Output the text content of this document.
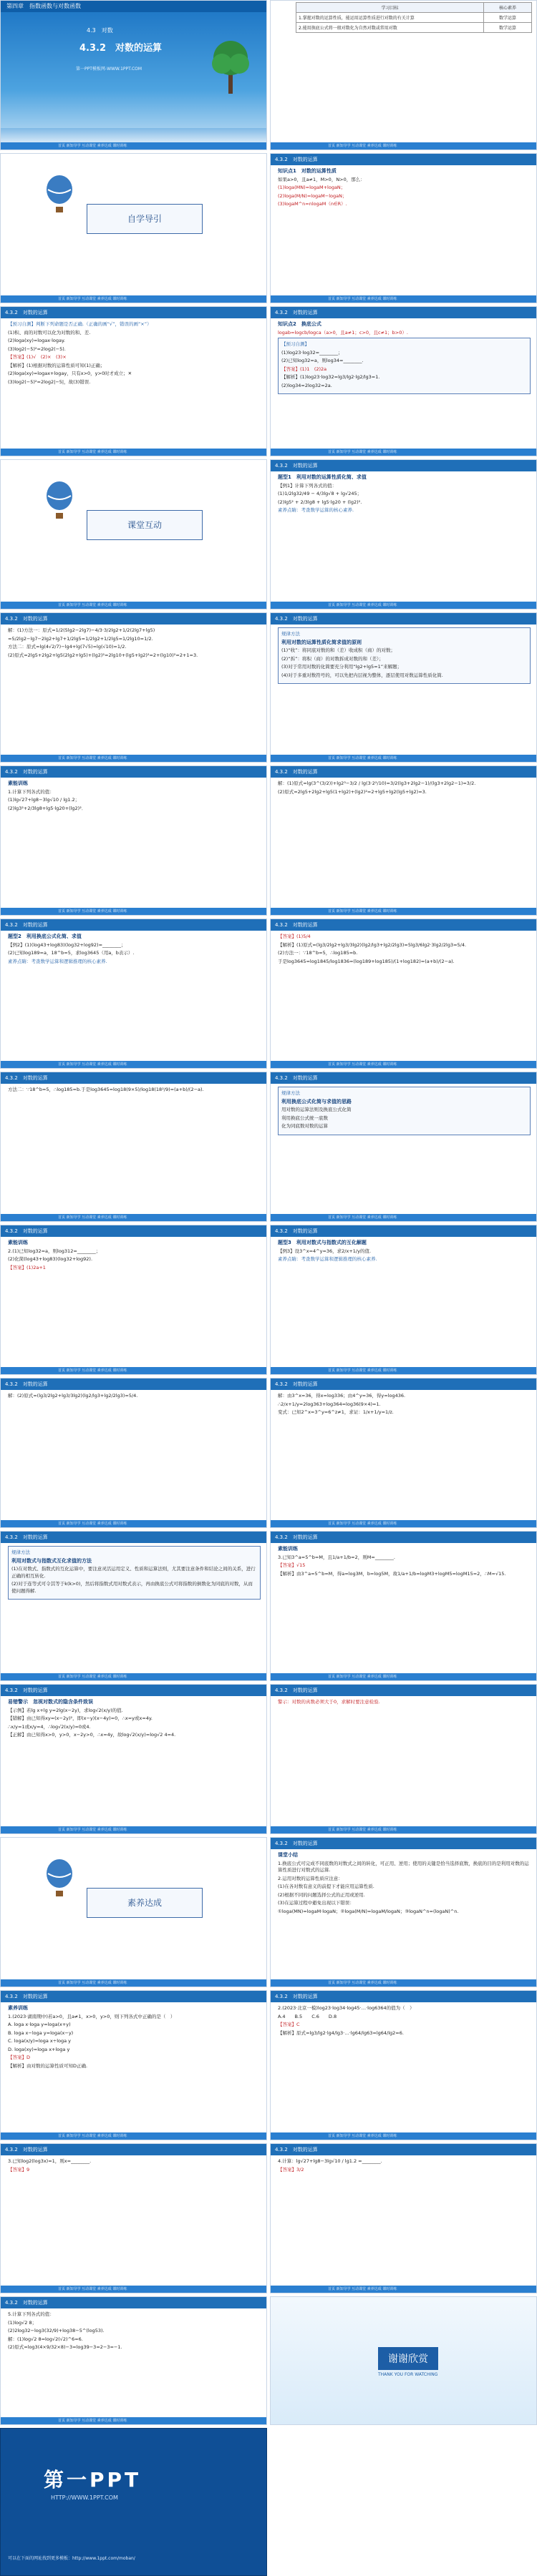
第四章　指数函数与对数函数
4.3　对数
4.3.2　对数的运算
第一PPT模板网-WWW.1PPT.COM
首页 新知导学 互动课堂 素养达成 课时训练
学习目标	核心素养
1.掌握对数的运算性质，能运用运算性质进行对数的有关计算	数学运算
2.能用换底公式将一般对数化为自然对数或常用对数	数学运算
首页 新知导学 互动课堂 素养达成 课时训练
自学导引
首页 新知导学 互动课堂 素养达成 课时训练
4.3.2　对数的运算

知识点1　对数的运算性质

如果a>0，且a≠1，M>0，N>0，那么：

(1)loga(MN)=logaM+logaN；

(2)loga(M/N)=logaM−logaN；

(3)logaM^n=nlogaM（n∈R）.

首页 新知导学 互动课堂 素养达成 课时训练
4.3.2　对数的运算

【预习自测】判断下列命题是否正确.（正确的画“√”，错误的画“×”）

(1)积、商的对数可以化为对数的和、差.

(2)loga(xy)=logax·logay.

(3)log2(−5)²=2log2(−5).

【答案】(1)√　(2)×　(3)×

【解析】(1)根据对数的运算性质可知(1)正确；

(2)loga(xy)=logax+logay，只有x>0，y>0时才成立；✕

(3)log2(−5)²=2log2|−5|，故(3)错误.

首页 新知导学 互动课堂 素养达成 课时训练
4.3.2　对数的运算

知识点2　换底公式

logab=logcb/logca（a>0，且a≠1；c>0，且c≠1；b>0）.

【预习自测】

(1)log23·log32=________；

(2)已知log32=a，则log34=________.

【答案】(1)1　(2)2a

【解析】(1)log23·log32=lg3/lg2·lg2/lg3=1.

(2)log34=2log32=2a.

首页 新知导学 互动课堂 素养达成 课时训练
课堂互动
首页 新知导学 互动课堂 素养达成 课时训练
4.3.2　对数的运算

题型1　利用对数的运算性质化简、求值

【例1】计算下列各式的值：

(1)1/2lg32/49 − 4/3lg√8 + lg√245；

(2)lg5² + 2/3lg8 + lg5·lg20 + (lg2)².

素养点睛：考查数学运算的核心素养.

首页 新知导学 互动课堂 素养达成 课时训练
4.3.2　对数的运算

解：(1)方法一：原式=1/2(5lg2−2lg7)−4/3·3/2lg2+1/2(2lg7+lg5)

=5/2lg2−lg7−2lg2+lg7+1/2lg5=1/2lg2+1/2lg5=1/2lg10=1/2.

方法二：原式=lg(4√2/7)−lg4+lg(7√5)=lg(√10)=1/2.

(2)原式=2lg5+2lg2+lg5(2lg2+lg5)+(lg2)²=2lg10+(lg5+lg2)²=2+(lg10)²=2+1=3.

首页 新知导学 互动课堂 素养达成 课时训练
4.3.2　对数的运算

规律方法

利用对数的运算性质化简求值的原则

(1)“收”：将同底对数的和（差）收成积（商）的对数；

(2)“拆”：将积（商）的对数拆成对数的和（差）；

(3)对于常用对数的化简要充分利用“lg2+lg5=1”来解题；

(4)对于多重对数符号的，可以先把内层视为整体，逐层使用对数运算性质化简.

首页 新知导学 互动课堂 素养达成 课时训练
4.3.2　对数的运算

素能训练

1.计算下列各式的值：

(1)lg√27+lg8−3lg√10 / lg1.2；

(2)lg3²+2/3lg8+lg5·lg20+(lg2)²．

首页 新知导学 互动课堂 素养达成 课时训练
4.3.2　对数的运算

解：(1)原式=lg(3^(3/2))+lg2³−3/2 / lg(3·2²/10)=3/2(lg3+2lg2−1)/(lg3+2lg2−1)=3/2.

(2)原式=2lg5+2lg2+lg5(1+lg2)+(lg2)²=2+lg5+lg2(lg5+lg2)=3.

首页 新知导学 互动课堂 素养达成 课时训练
4.3.2　对数的运算

题型2　利用换底公式化简、求值

【例2】(1)(log43+log83)(log32+log92)=________；

(2)已知log189=a，18^b=5，求log3645（用a，b表示）.

素养点睛：考查数学运算和逻辑推理的核心素养.

首页 新知导学 互动课堂 素养达成 课时训练
4.3.2　对数的运算

【答案】(1)5/4

【解析】(1)原式=(lg3/2lg2+lg3/3lg2)(lg2/lg3+lg2/2lg3)=5lg3/6lg2·3lg2/2lg3=5/4.

(2)方法一：∵18^b=5，∴log185=b.

于是log3645=log1845/log1836=(log189+log185)/(1+log182)=(a+b)/(2−a).

首页 新知导学 互动课堂 素养达成 课时训练
4.3.2　对数的运算

方法二：∵18^b=5，∴log185=b.于是log3645=log18(9×5)/log18(18²/9)=(a+b)/(2−a).

首页 新知导学 互动课堂 素养达成 课时训练
4.3.2　对数的运算

规律方法

利用换底公式化简与求值的思路

用对数的运算法则及换底公式化简

利用换底公式统一底数

化为同底数对数的运算

首页 新知导学 互动课堂 素养达成 课时训练
4.3.2　对数的运算

素能训练

2.(1)已知log32=a，则log312=________；

(2)化简(log43+log83)(log32+log92).

【答案】(1)2a+1

首页 新知导学 互动课堂 素养达成 课时训练
4.3.2　对数的运算

题型3　利用对数式与指数式的互化解题

【例3】设3^x=4^y=36，求2/x+1/y的值.

素养点睛：考查数学运算和逻辑推理的核心素养.

首页 新知导学 互动课堂 素养达成 课时训练
4.3.2　对数的运算

解：(2)原式=(lg3/2lg2+lg3/3lg2)(lg2/lg3+lg2/2lg3)=5/4.

首页 新知导学 互动课堂 素养达成 课时训练
4.3.2　对数的运算

解：由3^x=36，得x=log336；由4^y=36，得y=log436.

∴2/x+1/y=2log363+log364=log36(9×4)=1.

变式：已知2^x=3^y=6^z≠1，求证：1/x+1/y=1/z.

首页 新知导学 互动课堂 素养达成 课时训练
4.3.2　对数的运算

规律方法

利用对数式与指数式互化求值的方法

(1)在对数式、指数式的互化运算中，要注意灵活运用定义、性质和运算法则，尤其要注意条件和结论之间的关系，进行正确的相互转化.

(2)对于连等式可令其等于k(k>0)，然后将指数式用对数式表示，再由换底公式可将指数的倒数化为同底的对数，从而使问题得解.

首页 新知导学 互动课堂 素养达成 课时训练
4.3.2　对数的运算

素能训练

3.已知3^a=5^b=M，且1/a+1/b=2，则M=________.

【答案】√15

【解析】由3^a=5^b=M，得a=log3M，b=log5M，故1/a+1/b=logM3+logM5=logM15=2，∴M=√15.

首页 新知导学 互动课堂 素养达成 课时训练
4.3.2　对数的运算

易错警示　忽视对数式的隐含条件致误

【示例】若lg x+lg y=2lg(x−2y)，求log√2(x/y)的值.

【错解】由已知得xy=(x−2y)²，即(x−y)(x−4y)=0，∴x=y或x=4y.

∴x/y=1或x/y=4，∴log√2(x/y)=0或4.

【正解】由已知得x>0，y>0，x−2y>0，∴x=4y，故log√2(x/y)=log√2 4=4.

首页 新知导学 互动课堂 素养达成 课时训练
4.3.2　对数的运算

警示：对数的真数必须大于0，求解时要注意检验.

首页 新知导学 互动课堂 素养达成 课时训练
素养达成
首页 新知导学 互动课堂 素养达成 课时训练
4.3.2　对数的运算

课堂小结

1.换底公式可完成不同底数的对数式之间的转化，可正用、逆用；使用的关键是恰当选择底数，换底的目的是利用对数的运算性质进行对数式的运算.

2.运用对数的运算性质应注意：

(1)在各对数有意义的前提下才能应用运算性质.

(2)根据不同的问题选择公式的正用或逆用.

(3)在运算过程中避免出现以下错误：

①loga(MN)=logaM·logaN；②loga(M/N)=logaM/logaN；③logaN^n=(logaN)^n.

首页 新知导学 互动课堂 素养达成 课时训练
4.3.2　对数的运算

素养训练

1.(2023·湖南期中)若a>0，且a≠1，x>0，y>0，则下列各式中正确的是（　）

A. loga x·loga y=loga(x+y)

B. loga x−loga y=loga(x−y)

C. loga(x/y)=loga x÷loga y

D. loga(xy)=loga x+loga y

【答案】D

【解析】由对数的运算性质可知D正确.

首页 新知导学 互动课堂 素养达成 课时训练
4.3.2　对数的运算

2.(2023·北京一模)log23·log34·log45·…·log6364的值为（　）

A.4　　B.5　　C.6　　D.8

【答案】C

【解析】原式=lg3/lg2·lg4/lg3·…·lg64/lg63=lg64/lg2=6.

首页 新知导学 互动课堂 素养达成 课时训练
4.3.2　对数的运算

3.已知log2(log3x)=1，则x=________.

【答案】9

首页 新知导学 互动课堂 素养达成 课时训练
4.3.2　对数的运算

4.计算：lg√27+lg8−3lg√10 / lg1.2 =________.

【答案】3/2

首页 新知导学 互动课堂 素养达成 课时训练
4.3.2　对数的运算

5.计算下列各式的值：

(1)log√2 8；

(2)2log32−log3(32/9)+log38−5^(log53).

解：(1)log√2 8=log√2(√2)^6=6.

(2)原式=log3(4×9/32×8)−3=log39−3=2−3=−1.

首页 新知导学 互动课堂 素养达成 课时训练
谢谢欣赏
THANK YOU FOR WATCHING
第一PPT
HTTP://WWW.1PPT.COM
可以在下面的网址找到更多模板：http://www.1ppt.com/moban/
